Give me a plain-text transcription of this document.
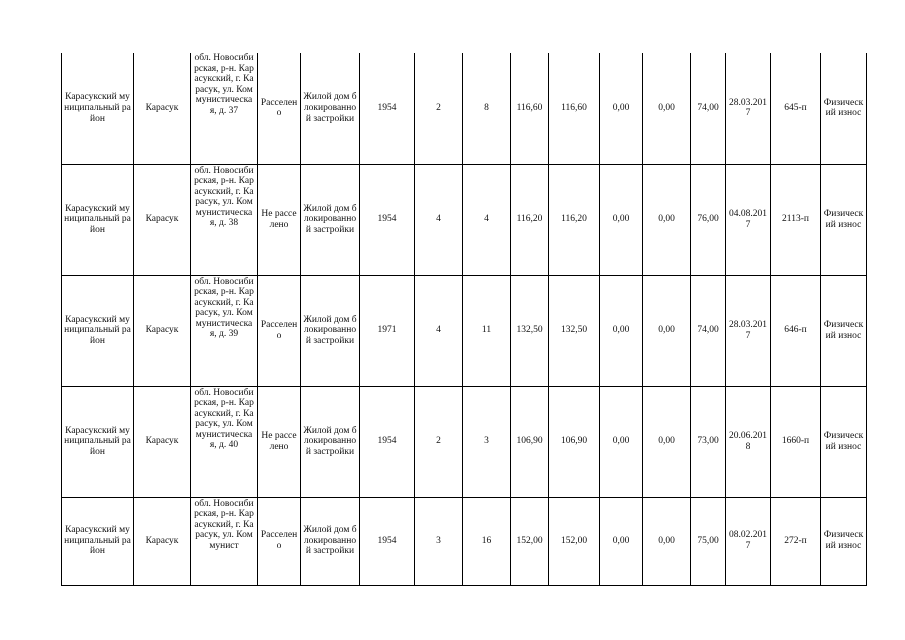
Карасукский муниципальный район	Карасук	обл. Новосибирская, р-н. Карасукский, г. Карасук, ул. Коммунистическая, д. 37	Расселено	Жилой дом блокированной застройки	1954	2	8	116,60	116,60	0,00	0,00	74,00	28.03.2017	645-п	Физический износ
Карасукский муниципальный район	Карасук	обл. Новосибирская, р-н. Карасукский, г. Карасук, ул. Коммунистическая, д. 38	Не расселено	Жилой дом блокированной застройки	1954	4	4	116,20	116,20	0,00	0,00	76,00	04.08.2017	2113-п	Физический износ
Карасукский муниципальный район	Карасук	обл. Новосибирская, р-н. Карасукский, г. Карасук, ул. Коммунистическая, д. 39	Расселено	Жилой дом блокированной застройки	1971	4	11	132,50	132,50	0,00	0,00	74,00	28.03.2017	646-п	Физический износ
Карасукский муниципальный район	Карасук	обл. Новосибирская, р-н. Карасукский, г. Карасук, ул. Коммунистическая, д. 40	Не расселено	Жилой дом блокированной застройки	1954	2	3	106,90	106,90	0,00	0,00	73,00	20.06.2018	1660-п	Физический износ
Карасукский муниципальный район	Карасук	обл. Новосибирская, р-н. Карасукский, г. Карасук, ул. Коммунист	Расселено	Жилой дом блокированной застройки	1954	3	16	152,00	152,00	0,00	0,00	75,00	08.02.2017	272-п	Физический износ
